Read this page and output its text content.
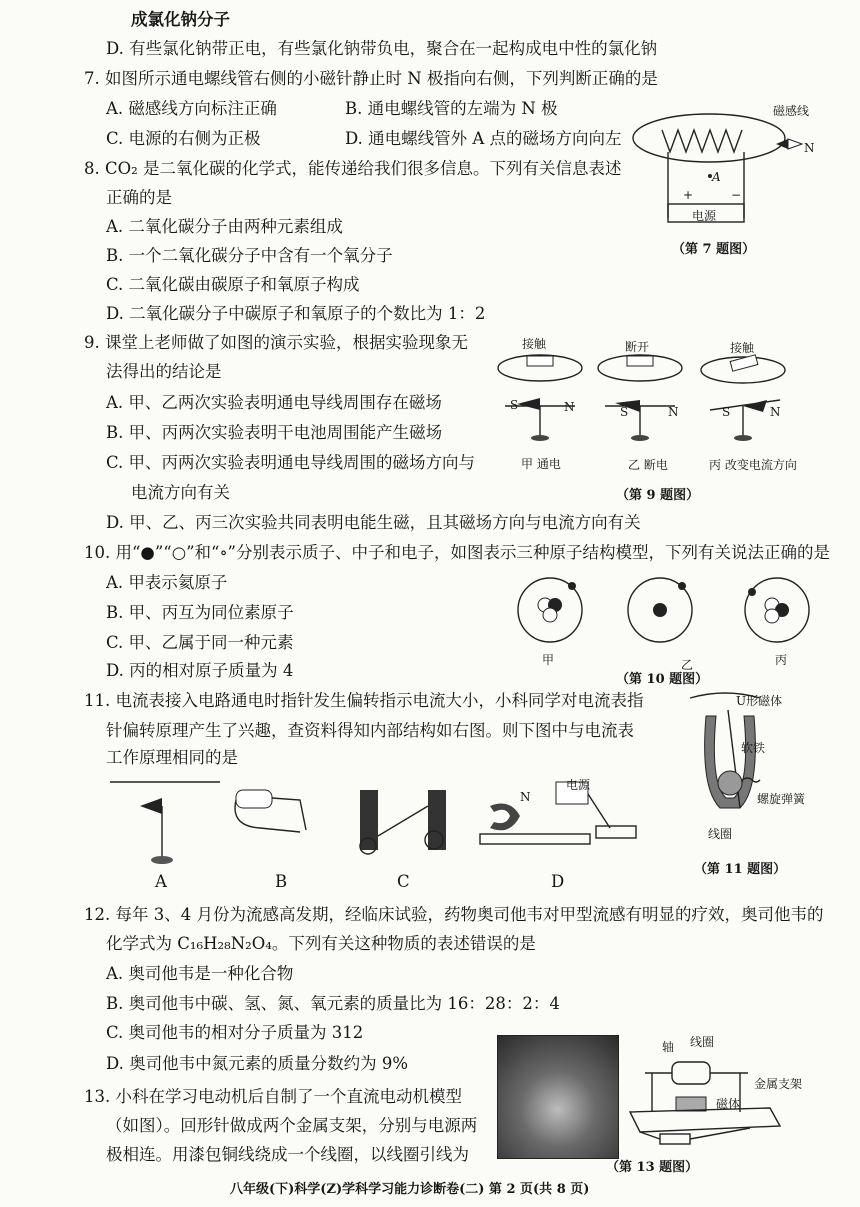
成氯化钠分子
D. 有些氯化钠带正电，有些氯化钠带负电，聚合在一起构成电中性的氯化钠
7. 如图所示通电螺线管右侧的小磁针静止时 N 极指向右侧，下列判断正确的是
A. 磁感线方向标注正确	B. 通电螺线管的左端为 N 极
C. 电源的右侧为正极	D. 通电螺线管外 A 点的磁场方向向左
磁感线
N
A
+	−
电源
（第 7 题图）
8. CO₂ 是二氧化碳的化学式，能传递给我们很多信息。下列有关信息表述
正确的是
A. 二氧化碳分子由两种元素组成
B. 一个二氧化碳分子中含有一个氧分子
C. 二氧化碳由碳原子和氧原子构成
D. 二氧化碳分子中碳原子和氧原子的个数比为 1：2
9. 课堂上老师做了如图的演示实验，根据实验现象无
法得出的结论是
A. 甲、乙两次实验表明通电导线周围存在磁场
B. 甲、丙两次实验表明干电池周围能产生磁场
C. 甲、丙两次实验表明通电导线周围的磁场方向与
电流方向有关
D. 甲、乙、丙三次实验共同表明电能生磁，且其磁场方向与电流方向有关
接触	断开	接触
S	N	S	N	S	N
甲 通电	乙 断电	丙 改变电流方向
（第 9 题图）
10. 用“●”“○”和“∘”分别表示质子、中子和电子，如图表示三种原子结构模型，下列有关说法正确的是
A. 甲表示氦原子
B. 甲、丙互为同位素原子
C. 甲、乙属于同一种元素
D. 丙的相对原子质量为 4
甲	乙	丙
（第 10 题图）
11. 电流表接入电路通电时指针发生偏转指示电流大小，小科同学对电流表指
针偏转原理产生了兴趣，查资料得知内部结构如右图。则下图中与电流表
工作原理相同的是
U形磁体
软铁
螺旋弹簧
线圈
（第 11 题图）
A	B	C	D
电源
N
12. 每年 3、4 月份为流感高发期，经临床试验，药物奥司他韦对甲型流感有明显的疗效，奥司他韦的
化学式为 C₁₆H₂₈N₂O₄。下列有关这种物质的表述错误的是
A. 奥司他韦是一种化合物
B. 奥司他韦中碳、氢、氮、氧元素的质量比为 16：28：2：4
C. 奥司他韦的相对分子质量为 312
D. 奥司他韦中氮元素的质量分数约为 9%
13. 小科在学习电动机后自制了一个直流电动机模型
（如图）。回形针做成两个金属支架，分别与电源两
极相连。用漆包铜线绕成一个线圈，以线圈引线为
轴 线圈
金属支架
磁体
（第 13 题图）
八年级(下)科学(Z)学科学习能力诊断卷(二) 第 2 页(共 8 页)
